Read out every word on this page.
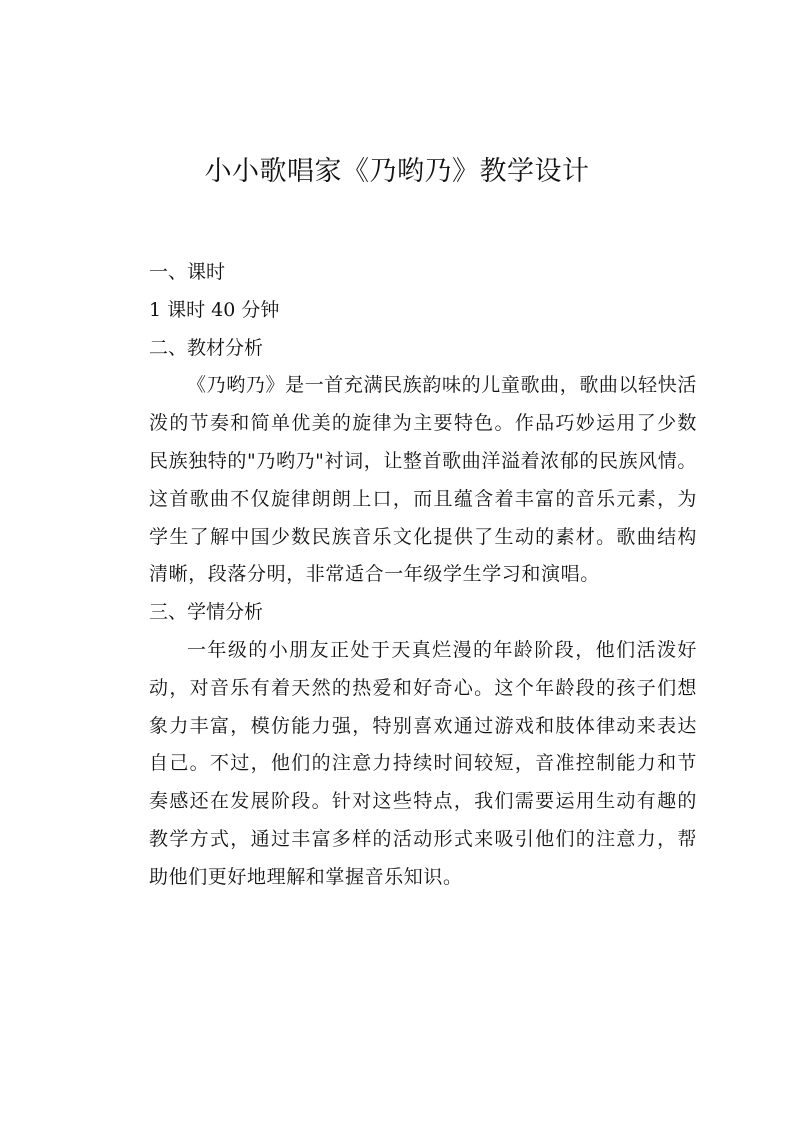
小小歌唱家《乃哟乃》教学设计
一、课时
1 课时 40 分钟
二、教材分析

《乃哟乃》是一首充满民族韵味的儿童歌曲，歌曲以轻快活泼的节奏和简单优美的旋律为主要特色。作品巧妙运用了少数民族独特的"乃哟乃"衬词，让整首歌曲洋溢着浓郁的民族风情。这首歌曲不仅旋律朗朗上口，而且蕴含着丰富的音乐元素，为学生了解中国少数民族音乐文化提供了生动的素材。歌曲结构清晰，段落分明，非常适合一年级学生学习和演唱。

三、学情分析

一年级的小朋友正处于天真烂漫的年龄阶段，他们活泼好动，对音乐有着天然的热爱和好奇心。这个年龄段的孩子们想象力丰富，模仿能力强，特别喜欢通过游戏和肢体律动来表达自己。不过，他们的注意力持续时间较短，音准控制能力和节奏感还在发展阶段。针对这些特点，我们需要运用生动有趣的教学方式，通过丰富多样的活动形式来吸引他们的注意力，帮助他们更好地理解和掌握音乐知识。
